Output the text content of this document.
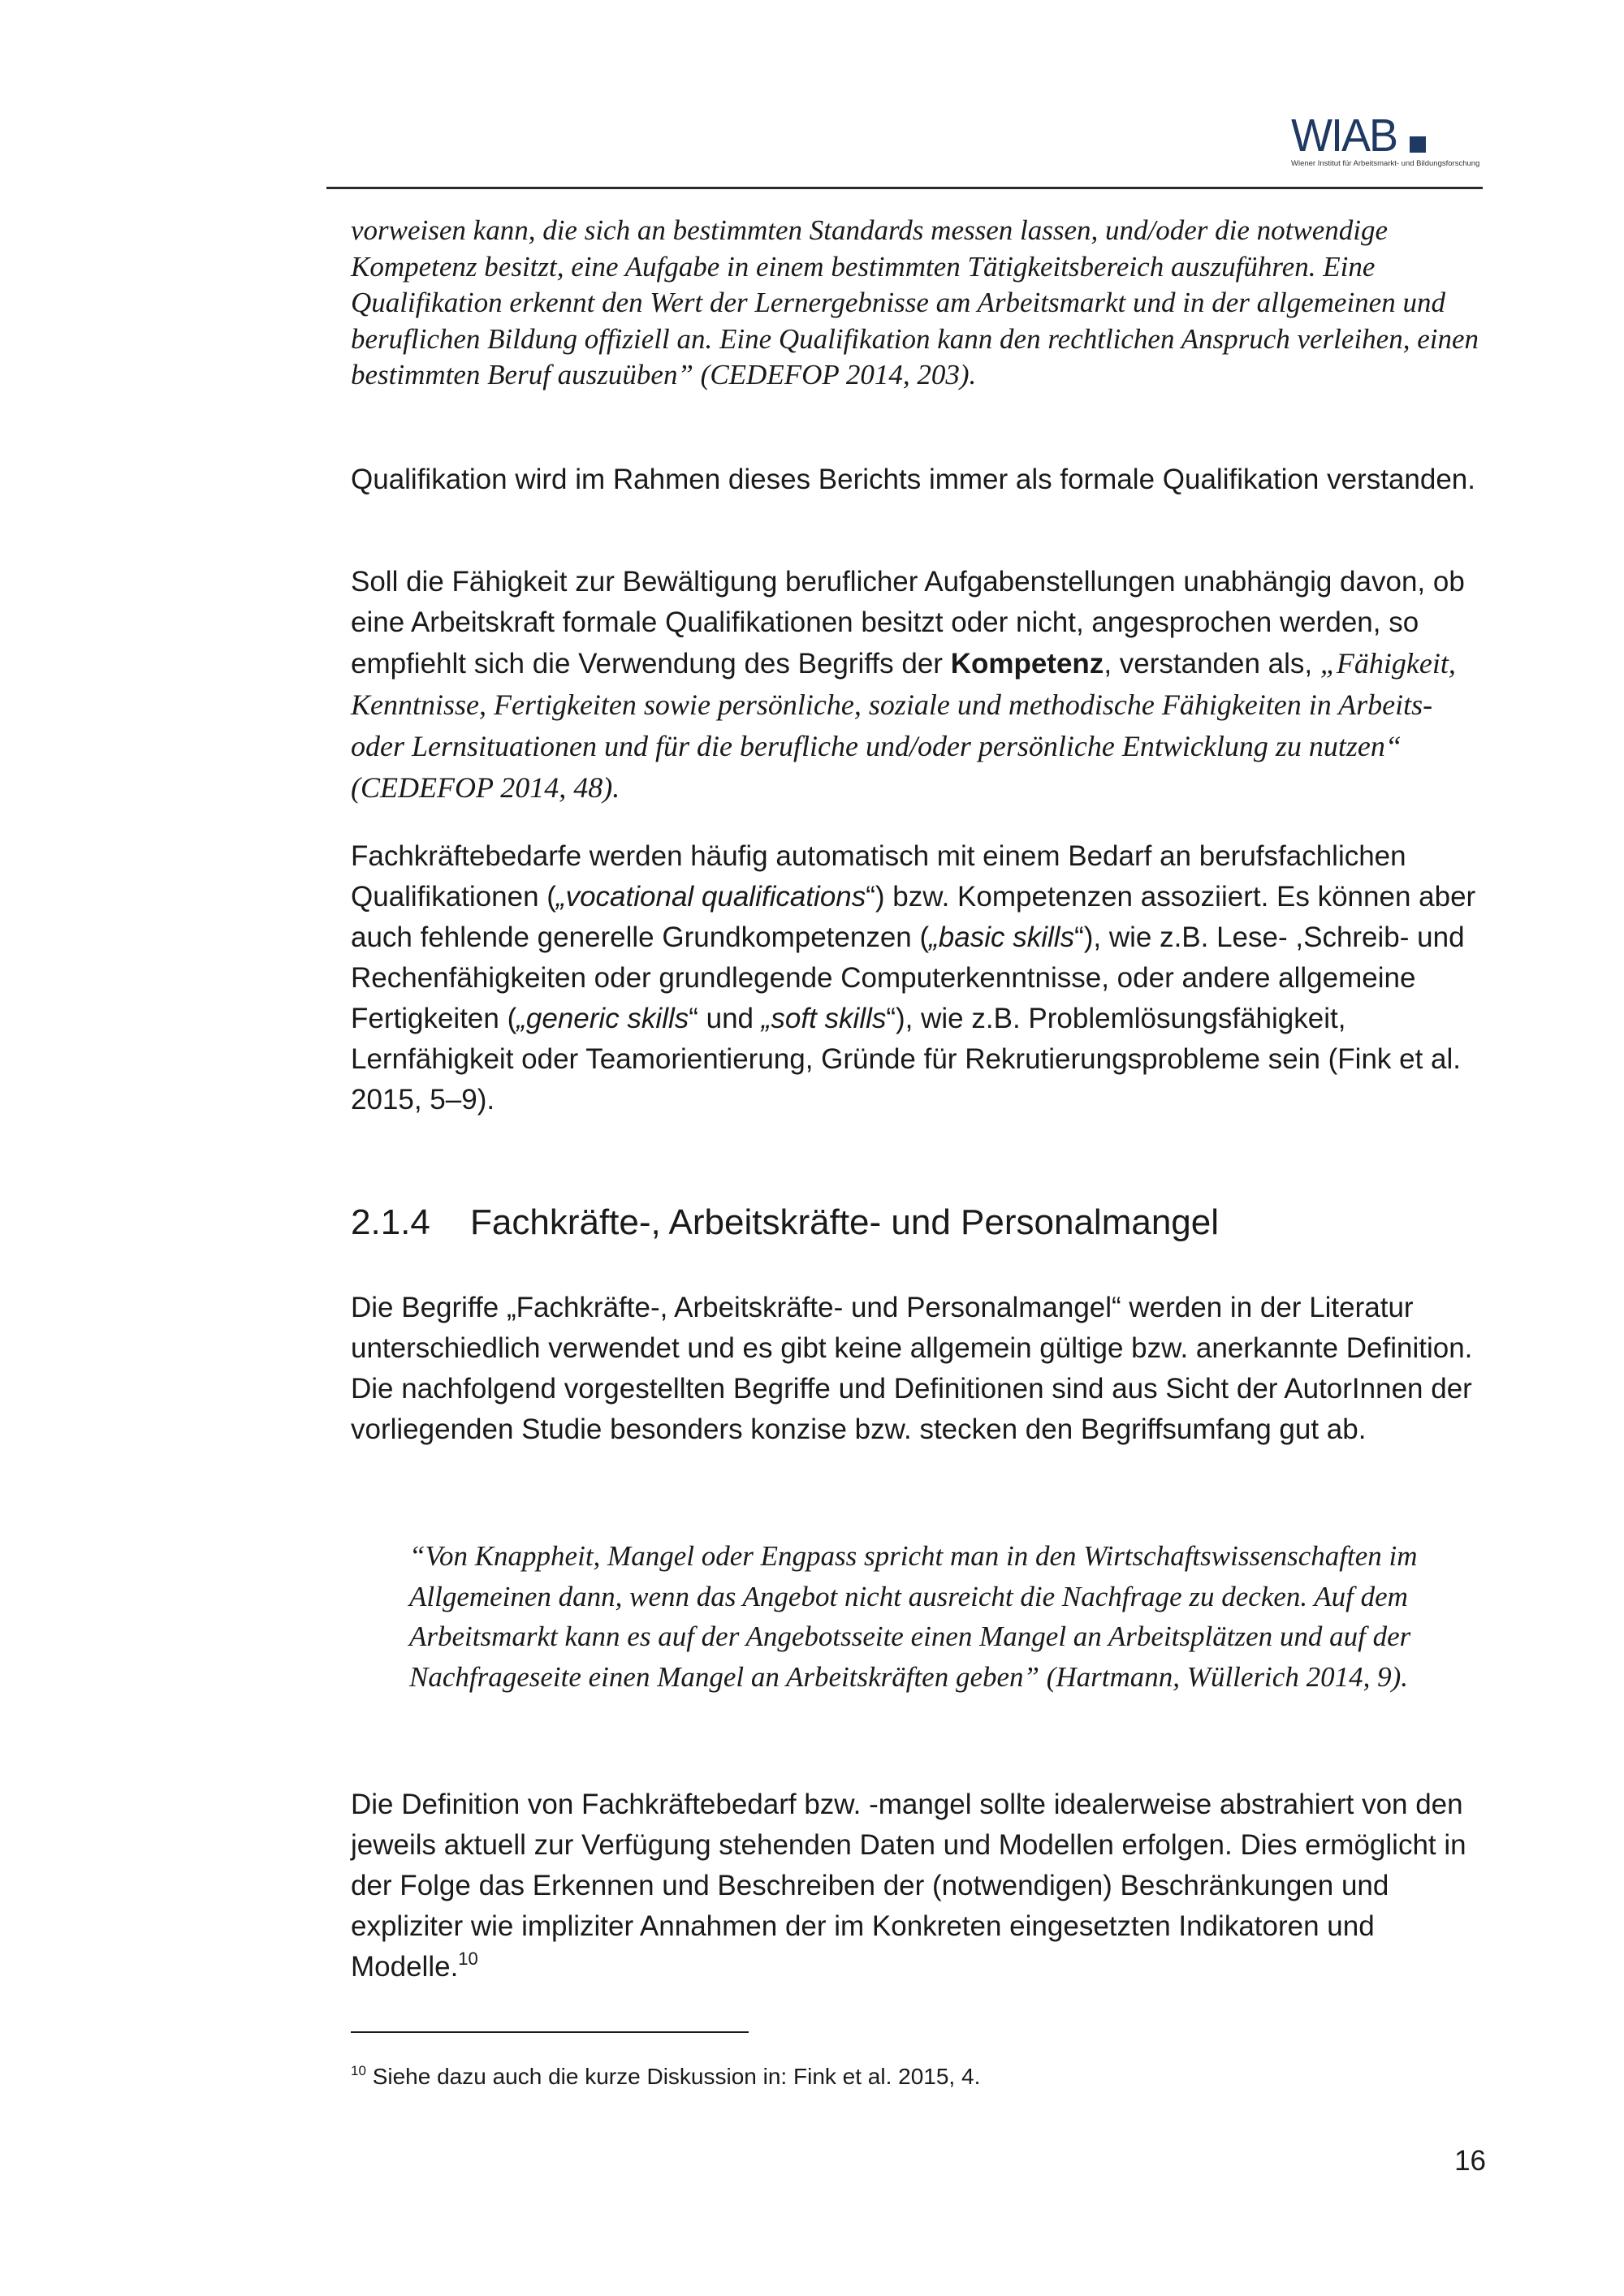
WIAB
Wiener Institut für Arbeitsmarkt- und Bildungsforschung
vorweisen kann, die sich an bestimmten Standards messen lassen, und/oder die notwendige Kompetenz besitzt, eine Aufgabe in einem bestimmten Tätigkeitsbereich auszuführen. Eine Qualifikation erkennt den Wert der Lernergebnisse am Arbeitsmarkt und in der allgemeinen und beruflichen Bildung offiziell an. Eine Qualifikation kann den rechtlichen Anspruch verleihen, einen bestimmten Beruf auszuüben” (CEDEFOP 2014, 203).
Qualifikation wird im Rahmen dieses Berichts immer als formale Qualifikation verstanden.
Soll die Fähigkeit zur Bewältigung beruflicher Aufgabenstellungen unabhängig davon, ob eine Arbeitskraft formale Qualifikationen besitzt oder nicht, angesprochen werden, so empfiehlt sich die Verwendung des Begriffs der Kompetenz, verstanden als, „Fähigkeit, Kenntnisse, Fertigkeiten sowie persönliche, soziale und methodische Fähigkeiten in Arbeits- oder Lernsituationen und für die berufliche und/oder persönliche Entwicklung zu nutzen“ (CEDEFOP 2014, 48).
Fachkräftebedarfe werden häufig automatisch mit einem Bedarf an berufsfachlichen Qualifikationen („vocational qualifications“) bzw. Kompetenzen assoziiert. Es können aber auch fehlende generelle Grundkompetenzen („basic skills“), wie z.B. Lese- ,Schreib- und Rechenfähigkeiten oder grundlegende Computerkenntnisse, oder andere allgemeine Fertigkeiten („generic skills“ und „soft skills“), wie z.B. Problemlösungsfähigkeit, Lernfähigkeit oder Teamorientierung, Gründe für Rekrutierungsprobleme sein (Fink et al. 2015, 5–9).
2.1.4 Fachkräfte-, Arbeitskräfte- und Personalmangel
Die Begriffe „Fachkräfte-, Arbeitskräfte- und Personalmangel“ werden in der Literatur unterschiedlich verwendet und es gibt keine allgemein gültige bzw. anerkannte Definition. Die nachfolgend vorgestellten Begriffe und Definitionen sind aus Sicht der AutorInnen der vorliegenden Studie besonders konzise bzw. stecken den Begriffsumfang gut ab.
“Von Knappheit, Mangel oder Engpass spricht man in den Wirtschaftswissenschaften im Allgemeinen dann, wenn das Angebot nicht ausreicht die Nachfrage zu decken. Auf dem Arbeitsmarkt kann es auf der Angebotsseite einen Mangel an Arbeitsplätzen und auf der Nachfrageseite einen Mangel an Arbeitskräften geben” (Hartmann, Wüllerich 2014, 9).
Die Definition von Fachkräftebedarf bzw. -mangel sollte idealerweise abstrahiert von den jeweils aktuell zur Verfügung stehenden Daten und Modellen erfolgen. Dies ermöglicht in der Folge das Erkennen und Beschreiben der (notwendigen) Beschränkungen und expliziter wie impliziter Annahmen der im Konkreten eingesetzten Indikatoren und Modelle.$^{10}$
$^{10}$ Siehe dazu auch die kurze Diskussion in: Fink et al. 2015, 4.
16
